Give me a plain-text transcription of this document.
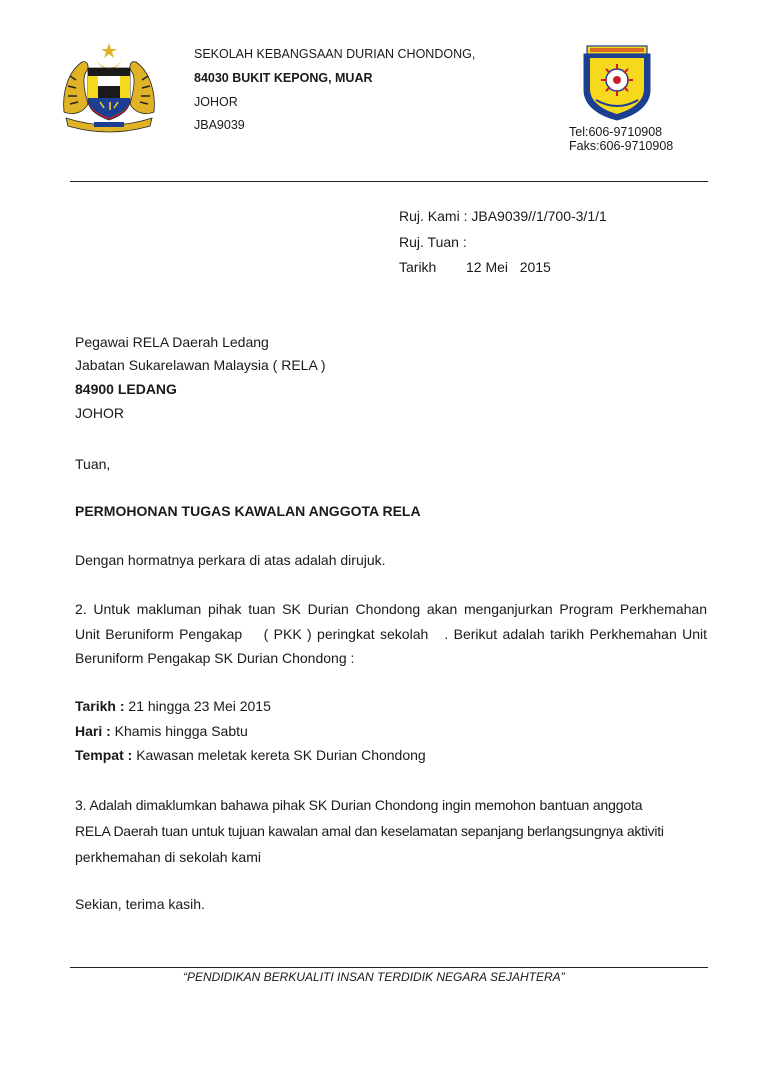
SEKOLAH KEBANGSAAN DURIAN CHONDONG,
84030 BUKIT KEPONG, MUAR
JOHOR
JBA9039	Tel:606-9710908
Faks:606-9710908
Ruj. Kami : JBA9039//1/700-3/1/1
Ruj. Tuan :
Tarikh 12 Mei   2015
Pegawai RELA Daerah Ledang
Jabatan Sukarelawan Malaysia ( RELA )
84900 LEDANG
JOHOR
Tuan,
PERMOHONAN TUGAS KAWALAN ANGGOTA RELA
Dengan hormatnya perkara di atas adalah dirujuk.
2. Untuk makluman pihak tuan SK Durian Chondong akan menganjurkan Program Perkhemahan
Unit Beruniform Pengakap    ( PKK ) peringkat sekolah   . Berikut adalah tarikh Perkhemahan Unit
Beruniform Pengakap SK Durian Chondong :
Tarikh : 21 hingga 23 Mei 2015
Hari : Khamis hingga Sabtu
Tempat : Kawasan meletak kereta SK Durian Chondong
3. Adalah dimaklumkan bahawa pihak SK Durian Chondong ingin memohon bantuan anggota
RELA Daerah tuan untuk tujuan kawalan amal dan keselamatan sepanjang berlangsungnya aktiviti
perkhemahan di sekolah kami
Sekian, terima kasih.
“PENDIDIKAN BERKUALITI INSAN TERDIDIK NEGARA SEJAHTERA”
